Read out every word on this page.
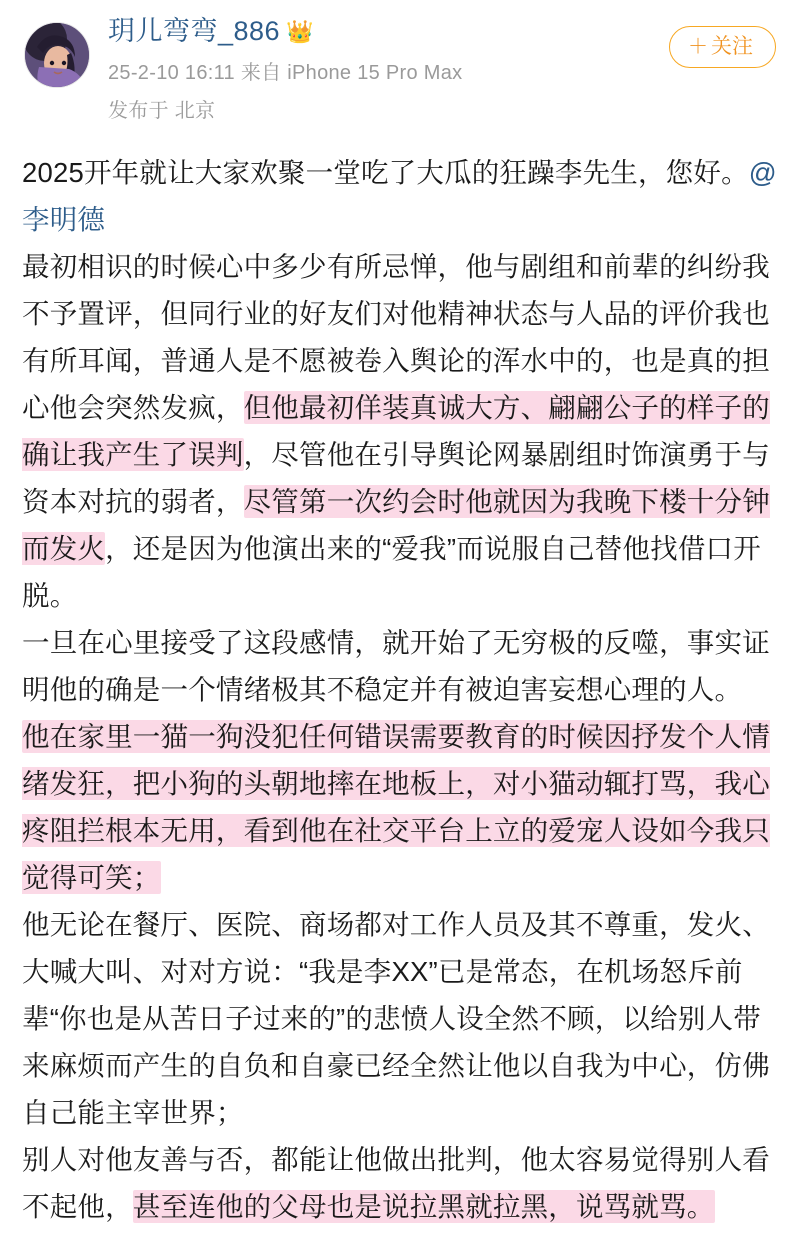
玥儿弯弯_886 👑
25-2-10 16:11 来自 iPhone 15 Pro Max
发布于 北京
＋ 关注

2025开年就让大家欢聚一堂吃了大瓜的狂躁李先生，您好。@李明德

最初相识的时候心中多少有所忌惮，他与剧组和前辈的纠纷我不予置评，但同行业的好友们对他精神状态与人品的评价我也有所耳闻，普通人是不愿被卷入舆论的浑水中的，也是真的担心他会突然发疯，但他最初佯装真诚大方、翩翩公子的样子的确让我产生了误判，尽管他在引导舆论网暴剧组时饰演勇于与资本对抗的弱者，尽管第一次约会时他就因为我晚下楼十分钟而发火，还是因为他演出来的“爱我”而说服自己替他找借口开脱。

一旦在心里接受了这段感情，就开始了无穷极的反噬，事实证明他的确是一个情绪极其不稳定并有被迫害妄想心理的人。

他在家里一猫一狗没犯任何错误需要教育的时候因抒发个人情绪发狂，把小狗的头朝地摔在地板上，对小猫动辄打骂，我心疼阻拦根本无用，看到他在社交平台上立的爱宠人设如今我只觉得可笑；

他无论在餐厅、医院、商场都对工作人员及其不尊重，发火、大喊大叫、对对方说：“我是李XX”已是常态，在机场怒斥前辈“你也是从苦日子过来的”的悲愤人设全然不顾，以给别人带来麻烦而产生的自负和自豪已经全然让他以自我为中心，仿佛自己能主宰世界；

别人对他友善与否，都能让他做出批判，他太容易觉得别人看不起他，甚至连他的父母也是说拉黑就拉黑，说骂就骂。
